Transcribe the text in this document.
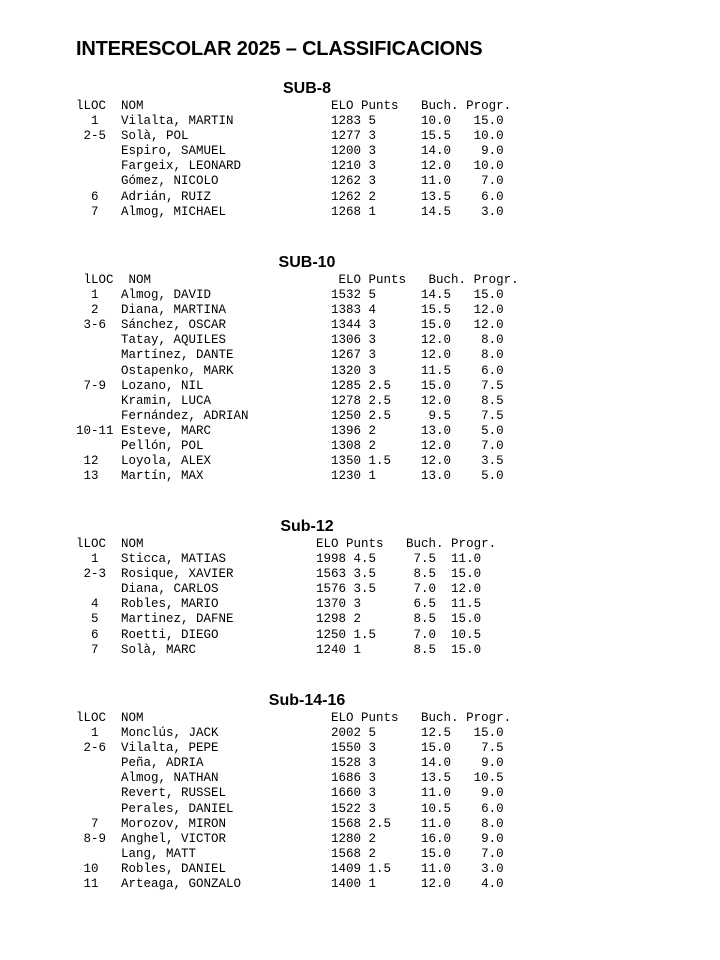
INTERESCOLAR 2025 – CLASSIFICACIONS
SUB-8
lLOC  NOM                         ELO Punts   Buch. Progr.
1   Vilalta, MARTIN             1283 5      10.0   15.0
2-5  Solà, POL                   1277 3      15.5   10.0
Espiro, SAMUEL              1200 3      14.0    9.0
Fargeix, LEONARD            1210 3      12.0   10.0
Gómez, NICOLO               1262 3      11.0    7.0
6   Adrián, RUIZ                1262 2      13.5    6.0
7   Almog, MICHAEL              1268 1      14.5    3.0
SUB-10
lLOC  NOM                         ELO Punts   Buch. Progr.
1   Almog, DAVID                1532 5      14.5   15.0
2   Diana, MARTINA              1383 4      15.5   12.0
3-6  Sánchez, OSCAR              1344 3      15.0   12.0
Tatay, AQUILES              1306 3      12.0    8.0
Martínez, DANTE             1267 3      12.0    8.0
Ostapenko, MARK             1320 3      11.5    6.0
7-9  Lozano, NIL                 1285 2.5    15.0    7.5
Kramin, LUCA                1278 2.5    12.0    8.5
Fernández, ADRIAN           1250 2.5     9.5    7.5
10-11 Esteve, MARC                1396 2      13.0    5.0
Pellón, POL                 1308 2      12.0    7.0
12   Loyola, ALEX                1350 1.5    12.0    3.5
13   Martín, MAX                 1230 1      13.0    5.0
Sub-12
lLOC  NOM                       ELO Punts   Buch. Progr.
1   Sticca, MATIAS            1998 4.5     7.5  11.0
2-3  Rosique, XAVIER           1563 3.5     8.5  15.0
Diana, CARLOS             1576 3.5     7.0  12.0
4   Robles, MARIO             1370 3       6.5  11.5
5   Martinez, DAFNE           1298 2       8.5  15.0
6   Roetti, DIEGO             1250 1.5     7.0  10.5
7   Solà, MARC                1240 1       8.5  15.0
Sub-14-16
lLOC  NOM                         ELO Punts   Buch. Progr.
1   Monclús, JACK               2002 5      12.5   15.0
2-6  Vilalta, PEPE               1550 3      15.0    7.5
Peña, ADRIA                 1528 3      14.0    9.0
Almog, NATHAN               1686 3      13.5   10.5
Revert, RUSSEL              1660 3      11.0    9.0
Perales, DANIEL             1522 3      10.5    6.0
7   Morozov, MIRON              1568 2.5    11.0    8.0
8-9  Anghel, VICTOR              1280 2      16.0    9.0
Lang, MATT                  1568 2      15.0    7.0
10   Robles, DANIEL              1409 1.5    11.0    3.0
11   Arteaga, GONZALO            1400 1      12.0    4.0
